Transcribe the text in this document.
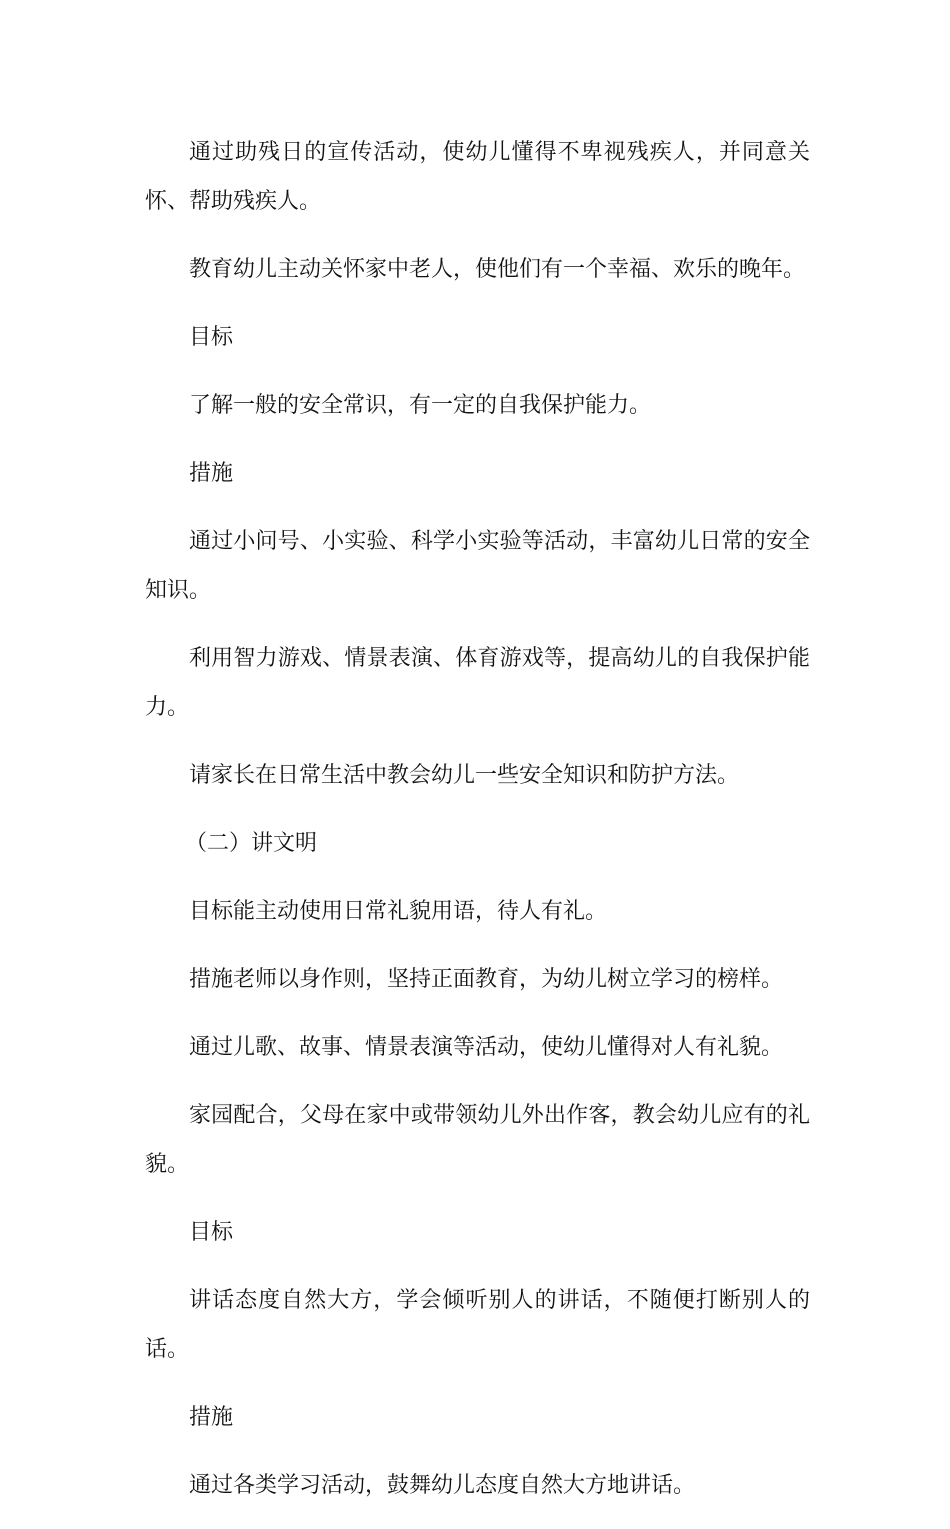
通过助残日的宣传活动，使幼儿懂得不卑视残疾人，并同意关怀、帮助残疾人。

教育幼儿主动关怀家中老人，使他们有一个幸福、欢乐的晚年。

目标

了解一般的安全常识，有一定的自我保护能力。

措施

通过小问号、小实验、科学小实验等活动，丰富幼儿日常的安全知识。

利用智力游戏、情景表演、体育游戏等，提高幼儿的自我保护能力。

请家长在日常生活中教会幼儿一些安全知识和防护方法。

（二）讲文明

目标能主动使用日常礼貌用语，待人有礼。

措施老师以身作则，坚持正面教育，为幼儿树立学习的榜样。

通过儿歌、故事、情景表演等活动，使幼儿懂得对人有礼貌。

家园配合，父母在家中或带领幼儿外出作客，教会幼儿应有的礼貌。

目标

讲话态度自然大方，学会倾听别人的讲话，不随便打断别人的话。

措施

通过各类学习活动，鼓舞幼儿态度自然大方地讲话。
